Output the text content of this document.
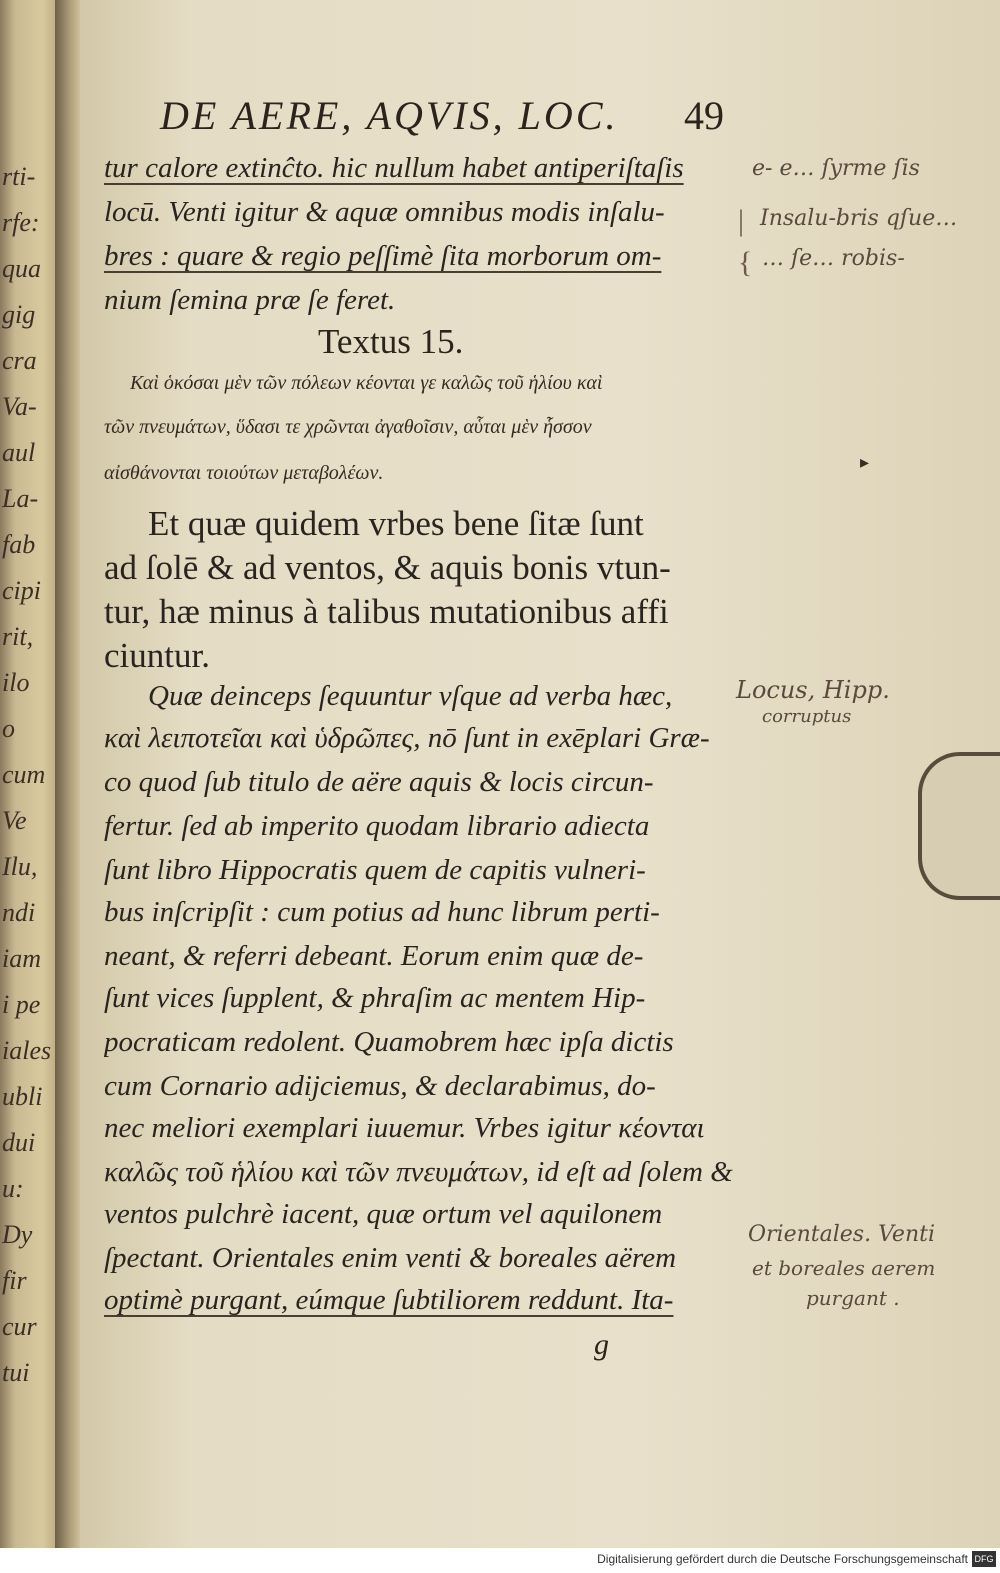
rti-
rfe:
qua
gig
cra
Va-
aul
La-
fab
cipi
rit,
ilo
o
cum
Ve
Ilu,
ndi
iam
i pe
iales
ubli
dui
u:
Dy
fir
cur
tui
DE AERE, AQVIS, LOC.	49
tur calore extinĉto. hic nullum habet antiperiſtaſis
locū. Venti igitur & aquæ omnibus modis inſalu-
bres : quare & regio peſſimè ſita morborum om-
nium ſemina præ ſe feret.
Textus 15.
Καὶ ὁκόσαι μὲν τῶν πόλεων κέονται γε καλῶς τοῦ ἡλίου καὶ
τῶν πνευμάτων, ὕδασι τε χρῶνται ἀγαθοῖσιν, αὗται μὲν ἧσσον
αἰσθάνονται τοιούτων μεταβολέων.
Et quæ quidem vrbes bene ſitæ ſunt
ad ſolē & ad ventos, & aquis bonis vtun-
tur, hæ minus à talibus mutationibus affi
ciuntur.
Quæ deinceps ſequuntur vſque ad verba hæc,
καὶ λειποτεῖαι καὶ ὑδρῶπες, nō ſunt in exēplari Græ-
co quod ſub titulo de aëre aquis & locis circun-
fertur. ſed ab imperito quodam librario adiecta
ſunt libro Hippocratis quem de capitis vulneri-
bus inſcripſit : cum potius ad hunc librum perti-
neant, & referri debeant. Eorum enim quæ de-
ſunt vices ſupplent, & phraſim ac mentem Hip-
pocraticam redolent. Quamobrem hæc ipſa dictis
cum Cornario adijciemus, & declarabimus, do-
nec meliori exemplari iuuemur. Vrbes igitur κέονται
καλῶς τοῦ ἡλίου καὶ τῶν πνευμάτων, id eſt ad ſolem &
ventos pulchrè iacent, quæ ortum vel aquilonem
ſpectant. Orientales enim venti & boreales aërem
optimè purgant, eúmque ſubtiliorem reddunt. Ita-
g
e- e… ſyrme ſis
| Insalu-bris qſue…
{ … ſe… robis-
Locus, Hipp.
corruptus
Orientales. Venti
et boreales aerem
purgant .
▸
Digitalisierung gefördert durch die Deutsche Forschungsgemeinschaft DFG
